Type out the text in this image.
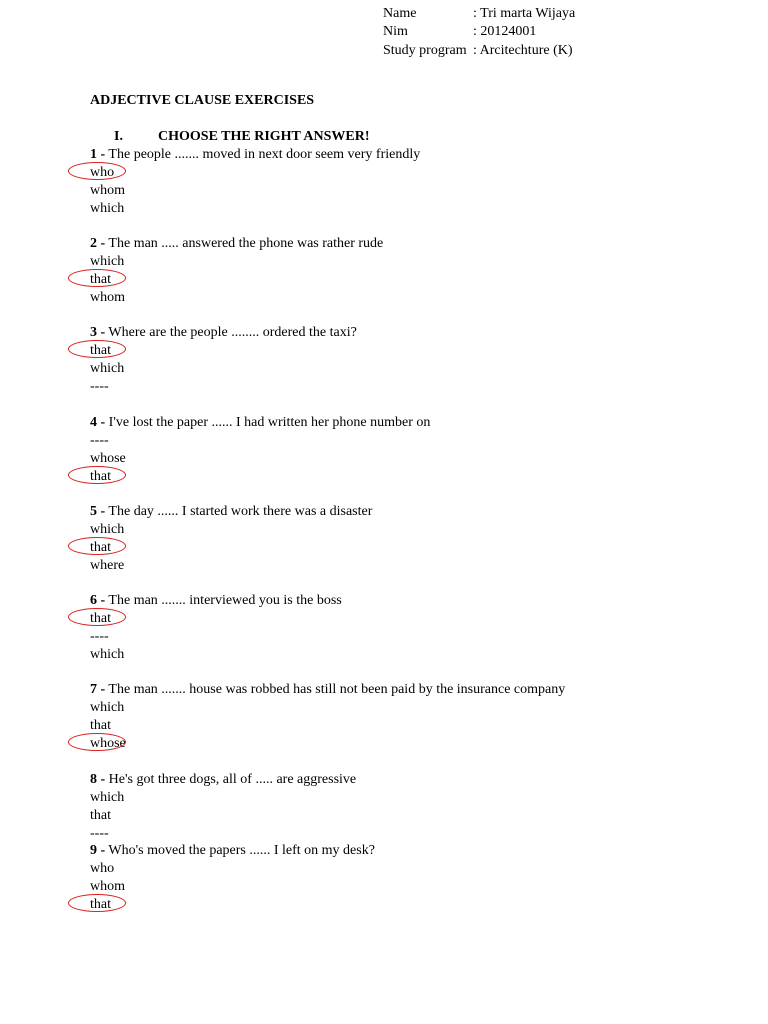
Name	: Tri marta Wijaya
Nim	: 20124001
Study program : Arcitechture (K)
ADJECTIVE CLAUSE EXERCISES
I.	CHOOSE THE RIGHT ANSWER!
1 - The people ....... moved in next door seem very friendly
who
whom
which
2 - The man ..... answered the phone was rather rude
which
that
whom
3 - Where are the people ........ ordered the taxi?
that
which
----
4 - I've lost the paper ...... I had written her phone number on
----
whose
that
5 - The day ...... I started work there was a disaster
which
that
where
6 - The man ....... interviewed you is the boss
that
----
which
7 - The man ....... house was robbed has still not been paid by the insurance company
which
that
whose
8 - He's got three dogs, all of ..... are aggressive
which
that
----
9 - Who's moved the papers ...... I left on my desk?
who
whom
that
